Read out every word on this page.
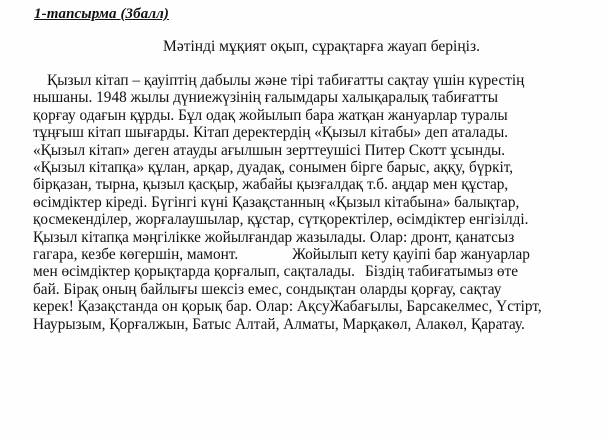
1-тапсырма (3балл)
Мәтінді мұқият оқып, сұрақтарға жауап беріңіз.
Қызыл кітап – қауіптің дабылы және тірі табиғатты сақтау үшін күрестің
нышаны. 1948 жылы дүниежүзінің ғалымдары халықаралық табиғатты
қорғау одағын құрды. Бұл одақ жойылып бара жатқан жануарлар туралы
тұңғыш кітап шығарды. Кітап деректердің «Қызыл кітабы» деп аталады.
«Қызыл кітап» деген атауды ағылшын зерттеушісі Питер Скотт ұсынды.
«Қызыл кітапқа» құлан, арқар, дуадақ, сонымен бірге барыс, аққу, бүркіт,
бірқазан, тырна, қызыл қасқыр, жабайы қызғалдақ т.б. аңдар мен құстар,
өсімдіктер кіреді. Бүгінгі күні Қазақстанның «Қызыл кітабына» балықтар,
қосмекенділер, жорғалаушылар, құстар, сүтқоректілер, өсімдіктер енгізілді.
Қызыл кітапқа мәңгілікке жойылғандар жазылады. Олар: дронт, қанатсыз
гагара, кезбе көгершін, мамонт.	Жойылып кету қауіпі бар жануарлар
мен өсімдіктер қорықтарда қорғалып, сақталады. Біздің табиғатымыз өте
бай. Бірақ оның байлығы шексіз емес, сондықтан оларды қорғау, сақтау
керек! Қазақстанда он қорық бар. Олар: АқсуЖабағылы, Барсакелмес, Үстірт,
Наурызым, Қорғалжын, Батыс Алтай, Алматы, Марқакөл, Алакөл, Қаратау.
